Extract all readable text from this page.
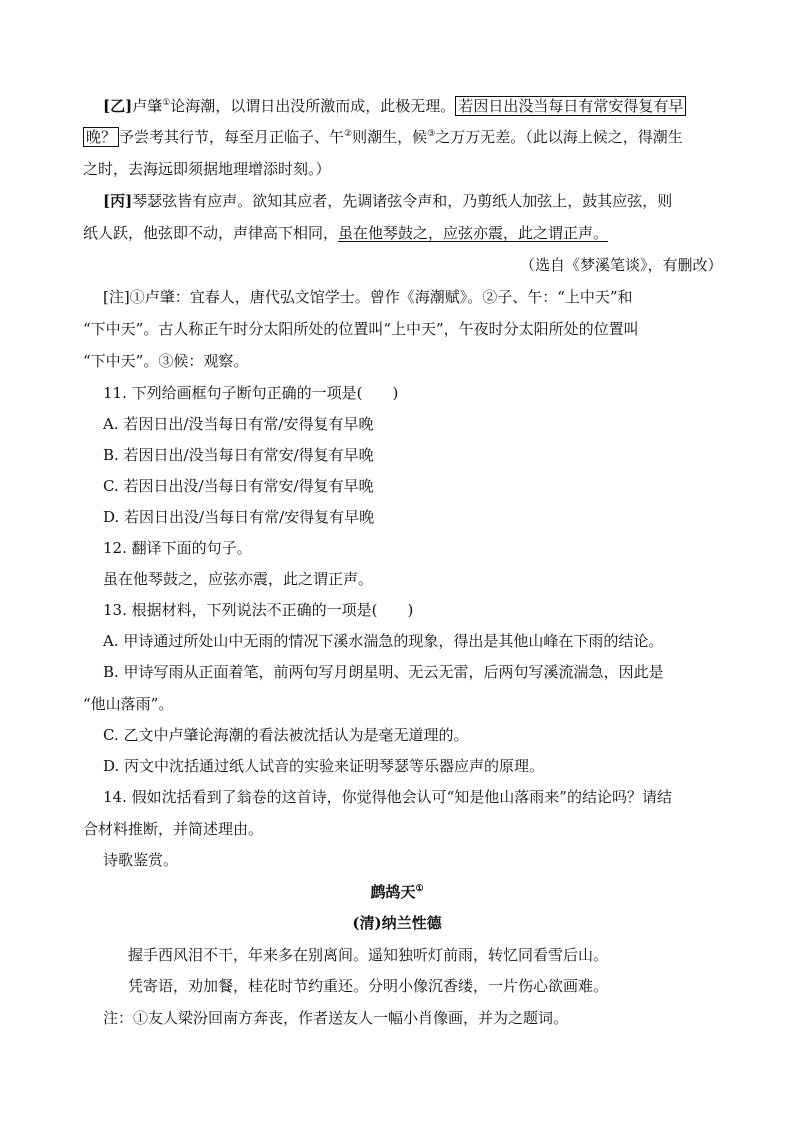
[乙]卢肇①论海潮，以谓日出没所激而成，此极无理。 若因日出没当每日有常安得复有早
晚？ 予尝考其行节，每至月正临子、午②则潮生，候③之万万无差。（此以海上候之，得潮生
之时，去海远即须据地理增添时刻。）
[丙]琴瑟弦皆有应声。欲知其应者，先调诸弦令声和，乃剪纸人加弦上，鼓其应弦，则
纸人跃，他弦即不动，声律高下相同，虽在他琴鼓之，应弦亦震，此之谓正声。
（选自《梦溪笔谈》，有删改）
[注]①卢肇：宜春人，唐代弘文馆学士。曾作《海潮赋》。②子、午：“上中天”和
“下中天”。古人称正午时分太阳所处的位置叫“上中天”，午夜时分太阳所处的位置叫
“下中天”。③候：观察。
11. 下列给画框句子断句正确的一项是(　　)
A. 若因日出/没当每日有常/安得复有早晚
B. 若因日出/没当每日有常安/得复有早晚
C. 若因日出没/当每日有常安/得复有早晚
D. 若因日出没/当每日有常/安得复有早晚
12. 翻译下面的句子。
虽在他琴鼓之，应弦亦震，此之谓正声。
13. 根据材料，下列说法不正确的一项是(　　)
A. 甲诗通过所处山中无雨的情况下溪水湍急的现象，得出是其他山峰在下雨的结论。
B. 甲诗写雨从正面着笔，前两句写月朗星明、无云无雷，后两句写溪流湍急，因此是
“他山落雨”。
C. 乙文中卢肇论海潮的看法被沈括认为是毫无道理的。
D. 丙文中沈括通过纸人试音的实验来证明琴瑟等乐器应声的原理。
14. 假如沈括看到了翁卷的这首诗，你觉得他会认可“知是他山落雨来”的结论吗？请结
合材料推断，并简述理由。
诗歌鉴赏。
鹧鸪天①
(清)纳兰性德
握手西风泪不干，年来多在别离间。遥知独听灯前雨，转忆同看雪后山。
凭寄语，劝加餐，桂花时节约重还。分明小像沉香缕，一片伤心欲画难。
注：①友人梁汾回南方奔丧，作者送友人一幅小肖像画，并为之题词。
